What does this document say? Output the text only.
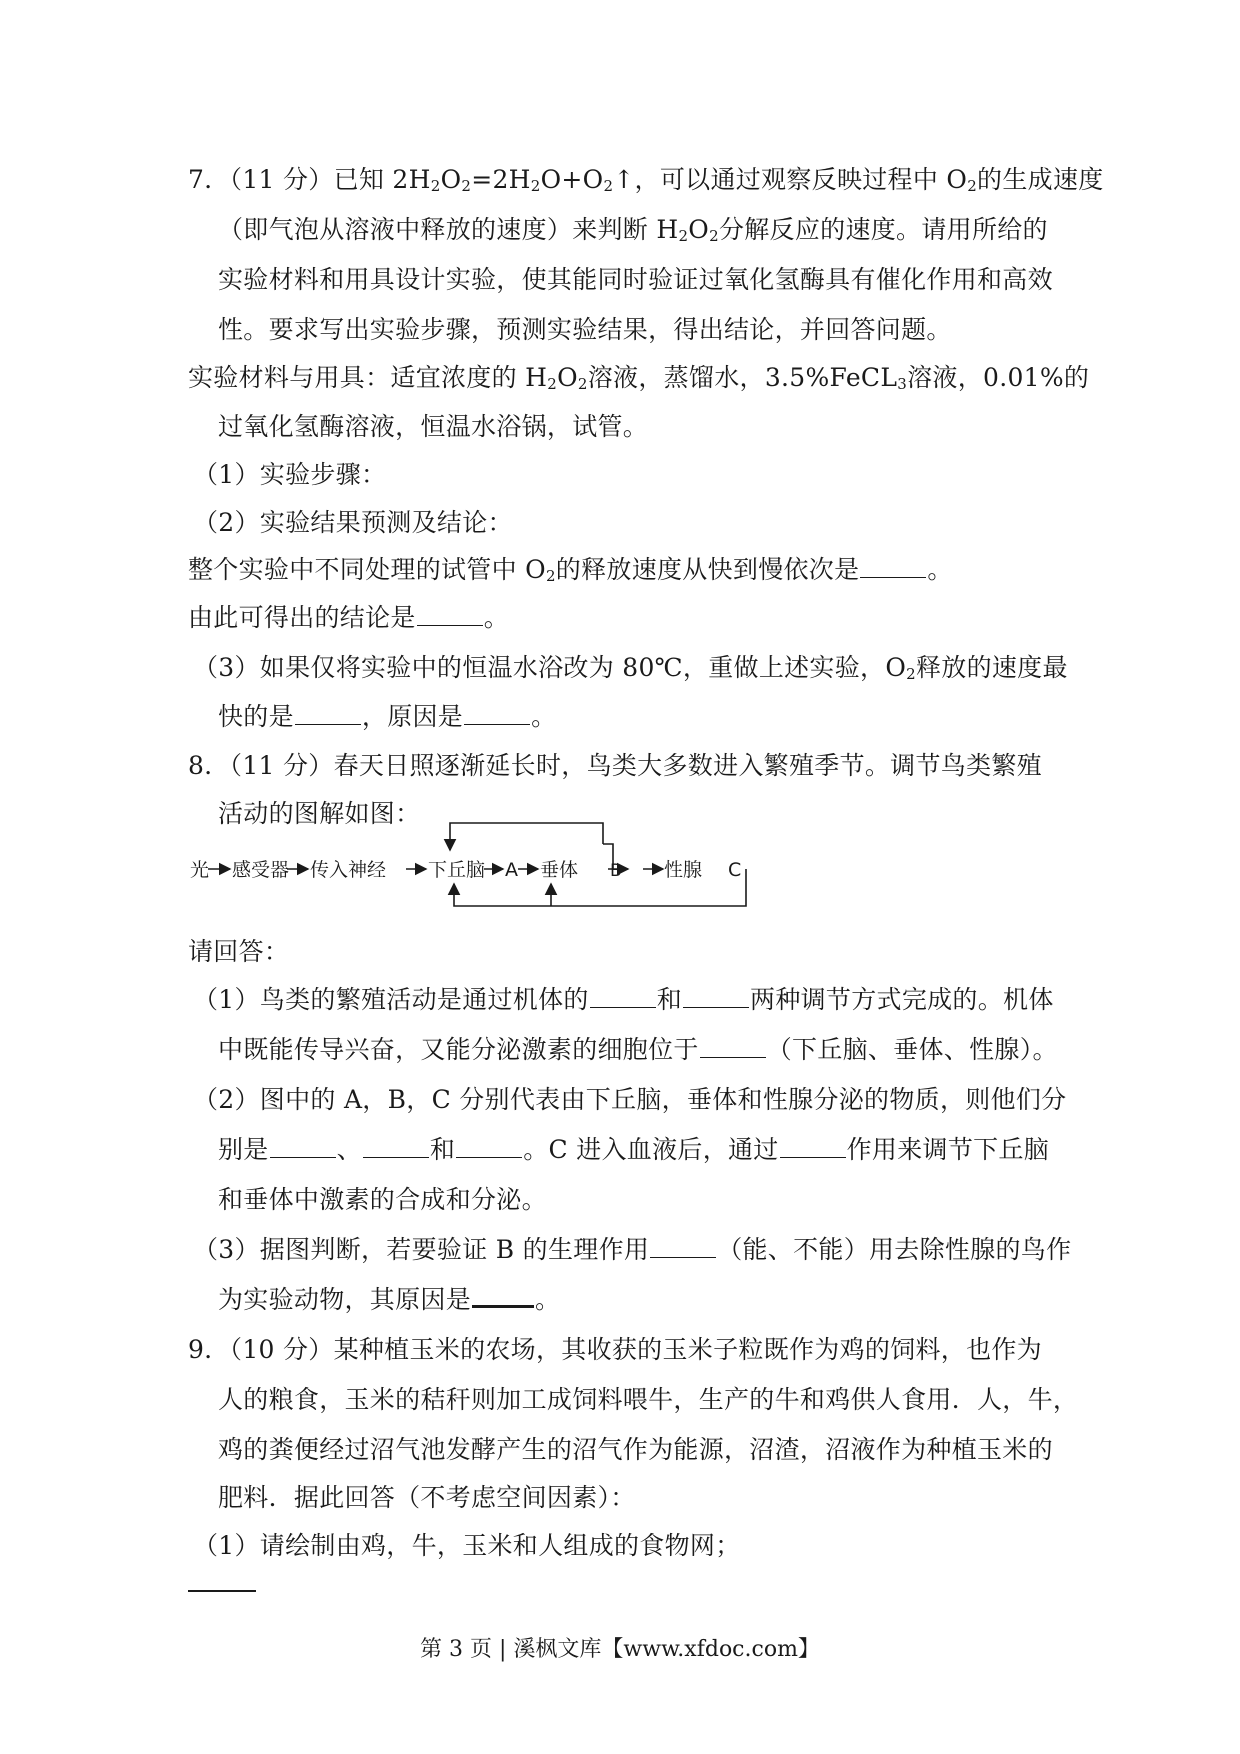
7．（11 分）已知 $2H_2O_2=2H_2O+O_2↑$，可以通过观察反映过程中 $O_2$的生成速度
（即气泡从溶液中释放的速度）来判断 $H_2O_2$分解反应的速度。请用所给的
实验材料和用具设计实验，使其能同时验证过氧化氢酶具有催化作用和高效
性。要求写出实验步骤，预测实验结果，得出结论，并回答问题。
实验材料与用具：适宜浓度的 $H_2O_2$溶液，蒸馏水，3.5%FeCL$_3$溶液，0.01%的
过氧化氢酶溶液，恒温水浴锅，试管。
（1）实验步骤：
（2）实验结果预测及结论：
整个实验中不同处理的试管中 $O_2$的释放速度从快到慢依次是	。
由此可得出的结论是	。
（3）如果仅将实验中的恒温水浴改为 80℃，重做上述实验，$O_2$释放的速度最
快的是	，原因是	。
8．（11 分）春天日照逐渐延长时，鸟类大多数进入繁殖季节。调节鸟类繁殖
活动的图解如图：
光 感受器 传入神经 下丘脑 A 垂体 B 性腺 C
请回答：
（1）鸟类的繁殖活动是通过机体的	和	两种调节方式完成的。机体
中既能传导兴奋，又能分泌激素的细胞位于	（下丘脑、垂体、性腺）。
（2）图中的 A，B，C 分别代表由下丘脑，垂体和性腺分泌的物质，则他们分
别是	、	和	。C 进入血液后，通过	作用来调节下丘脑
和垂体中激素的合成和分泌。
（3）据图判断，若要验证 B 的生理作用	（能、不能）用去除性腺的鸟作
为实验动物，其原因是	。
9．（10 分）某种植玉米的农场，其收获的玉米子粒既作为鸡的饲料，也作为
人的粮食，玉米的秸秆则加工成饲料喂牛，生产的牛和鸡供人食用．人，牛，
鸡的粪便经过沼气池发酵产生的沼气作为能源，沼渣，沼液作为种植玉米的
肥料．据此回答（不考虑空间因素）：
（1）请绘制由鸡，牛，玉米和人组成的食物网；
第 3 页 | 溪枫文库【www.xfdoc.com】
